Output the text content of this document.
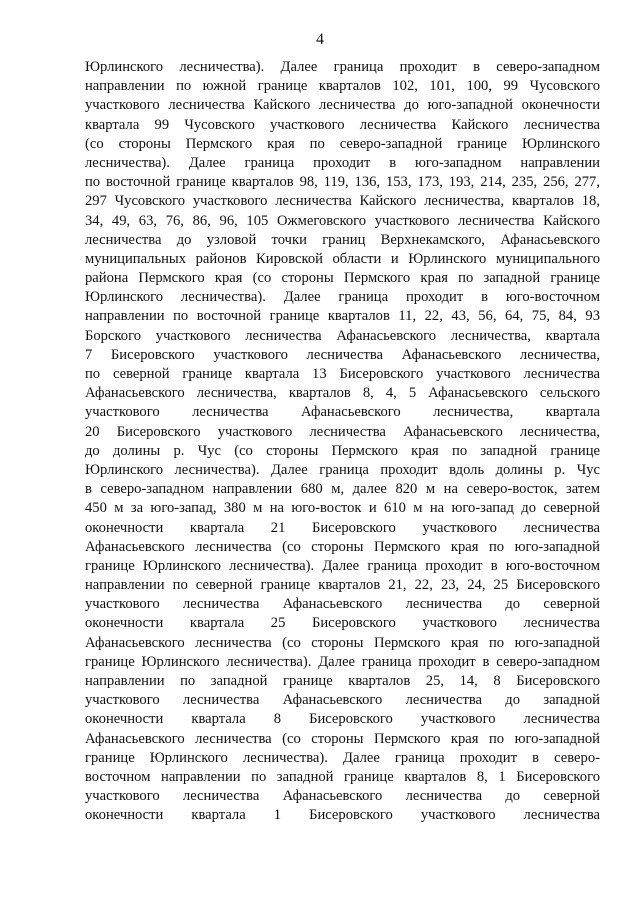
4
Юрлинского лесничества). Далее граница проходит в северо-западном
направлении по южной границе кварталов 102, 101, 100, 99 Чусовского
участкового лесничества Кайского лесничества до юго-западной оконечности
квартала 99 Чусовского участкового лесничества Кайского лесничества
(со стороны Пермского края по северо-западной границе Юрлинского
лесничества). Далее граница проходит в юго-западном направлении
по восточной границе кварталов 98, 119, 136, 153, 173, 193, 214, 235, 256, 277,
297 Чусовского участкового лесничества Кайского лесничества, кварталов 18,
34, 49, 63, 76, 86, 96, 105 Ожмеговского участкового лесничества Кайского
лесничества до узловой точки границ Верхнекамского, Афанасьевского
муниципальных районов Кировской области и Юрлинского муниципального
района Пермского края (со стороны Пермского края по западной границе
Юрлинского лесничества). Далее граница проходит в юго-восточном
направлении по восточной границе кварталов 11, 22, 43, 56, 64, 75, 84, 93
Борского участкового лесничества Афанасьевского лесничества, квартала
7 Бисеровского участкового лесничества Афанасьевского лесничества,
по северной границе квартала 13 Бисеровского участкового лесничества
Афанасьевского лесничества, кварталов 8, 4, 5 Афанасьевского сельского
участкового лесничества Афанасьевского лесничества, квартала
20 Бисеровского участкового лесничества Афанасьевского лесничества,
до долины р. Чус (со стороны Пермского края по западной границе
Юрлинского лесничества). Далее граница проходит вдоль долины р. Чус
в северо-западном направлении 680 м, далее 820 м на северо-восток, затем
450 м за юго-запад, 380 м на юго-восток и 610 м на юго-запад до северной
оконечности квартала 21 Бисеровского участкового лесничества
Афанасьевского лесничества (со стороны Пермского края по юго-западной
границе Юрлинского лесничества). Далее граница проходит в юго-восточном
направлении по северной границе кварталов 21, 22, 23, 24, 25 Бисеровского
участкового лесничества Афанасьевского лесничества до северной
оконечности квартала 25 Бисеровского участкового лесничества
Афанасьевского лесничества (со стороны Пермского края по юго-западной
границе Юрлинского лесничества). Далее граница проходит в северо-западном
направлении по западной границе кварталов 25, 14, 8 Бисеровского
участкового лесничества Афанасьевского лесничества до западной
оконечности квартала 8 Бисеровского участкового лесничества
Афанасьевского лесничества (со стороны Пермского края по юго-западной
границе Юрлинского лесничества). Далее граница проходит в северо-
восточном направлении по западной границе кварталов 8, 1 Бисеровского
участкового лесничества Афанасьевского лесничества до северной
оконечности квартала 1 Бисеровского участкового лесничества
